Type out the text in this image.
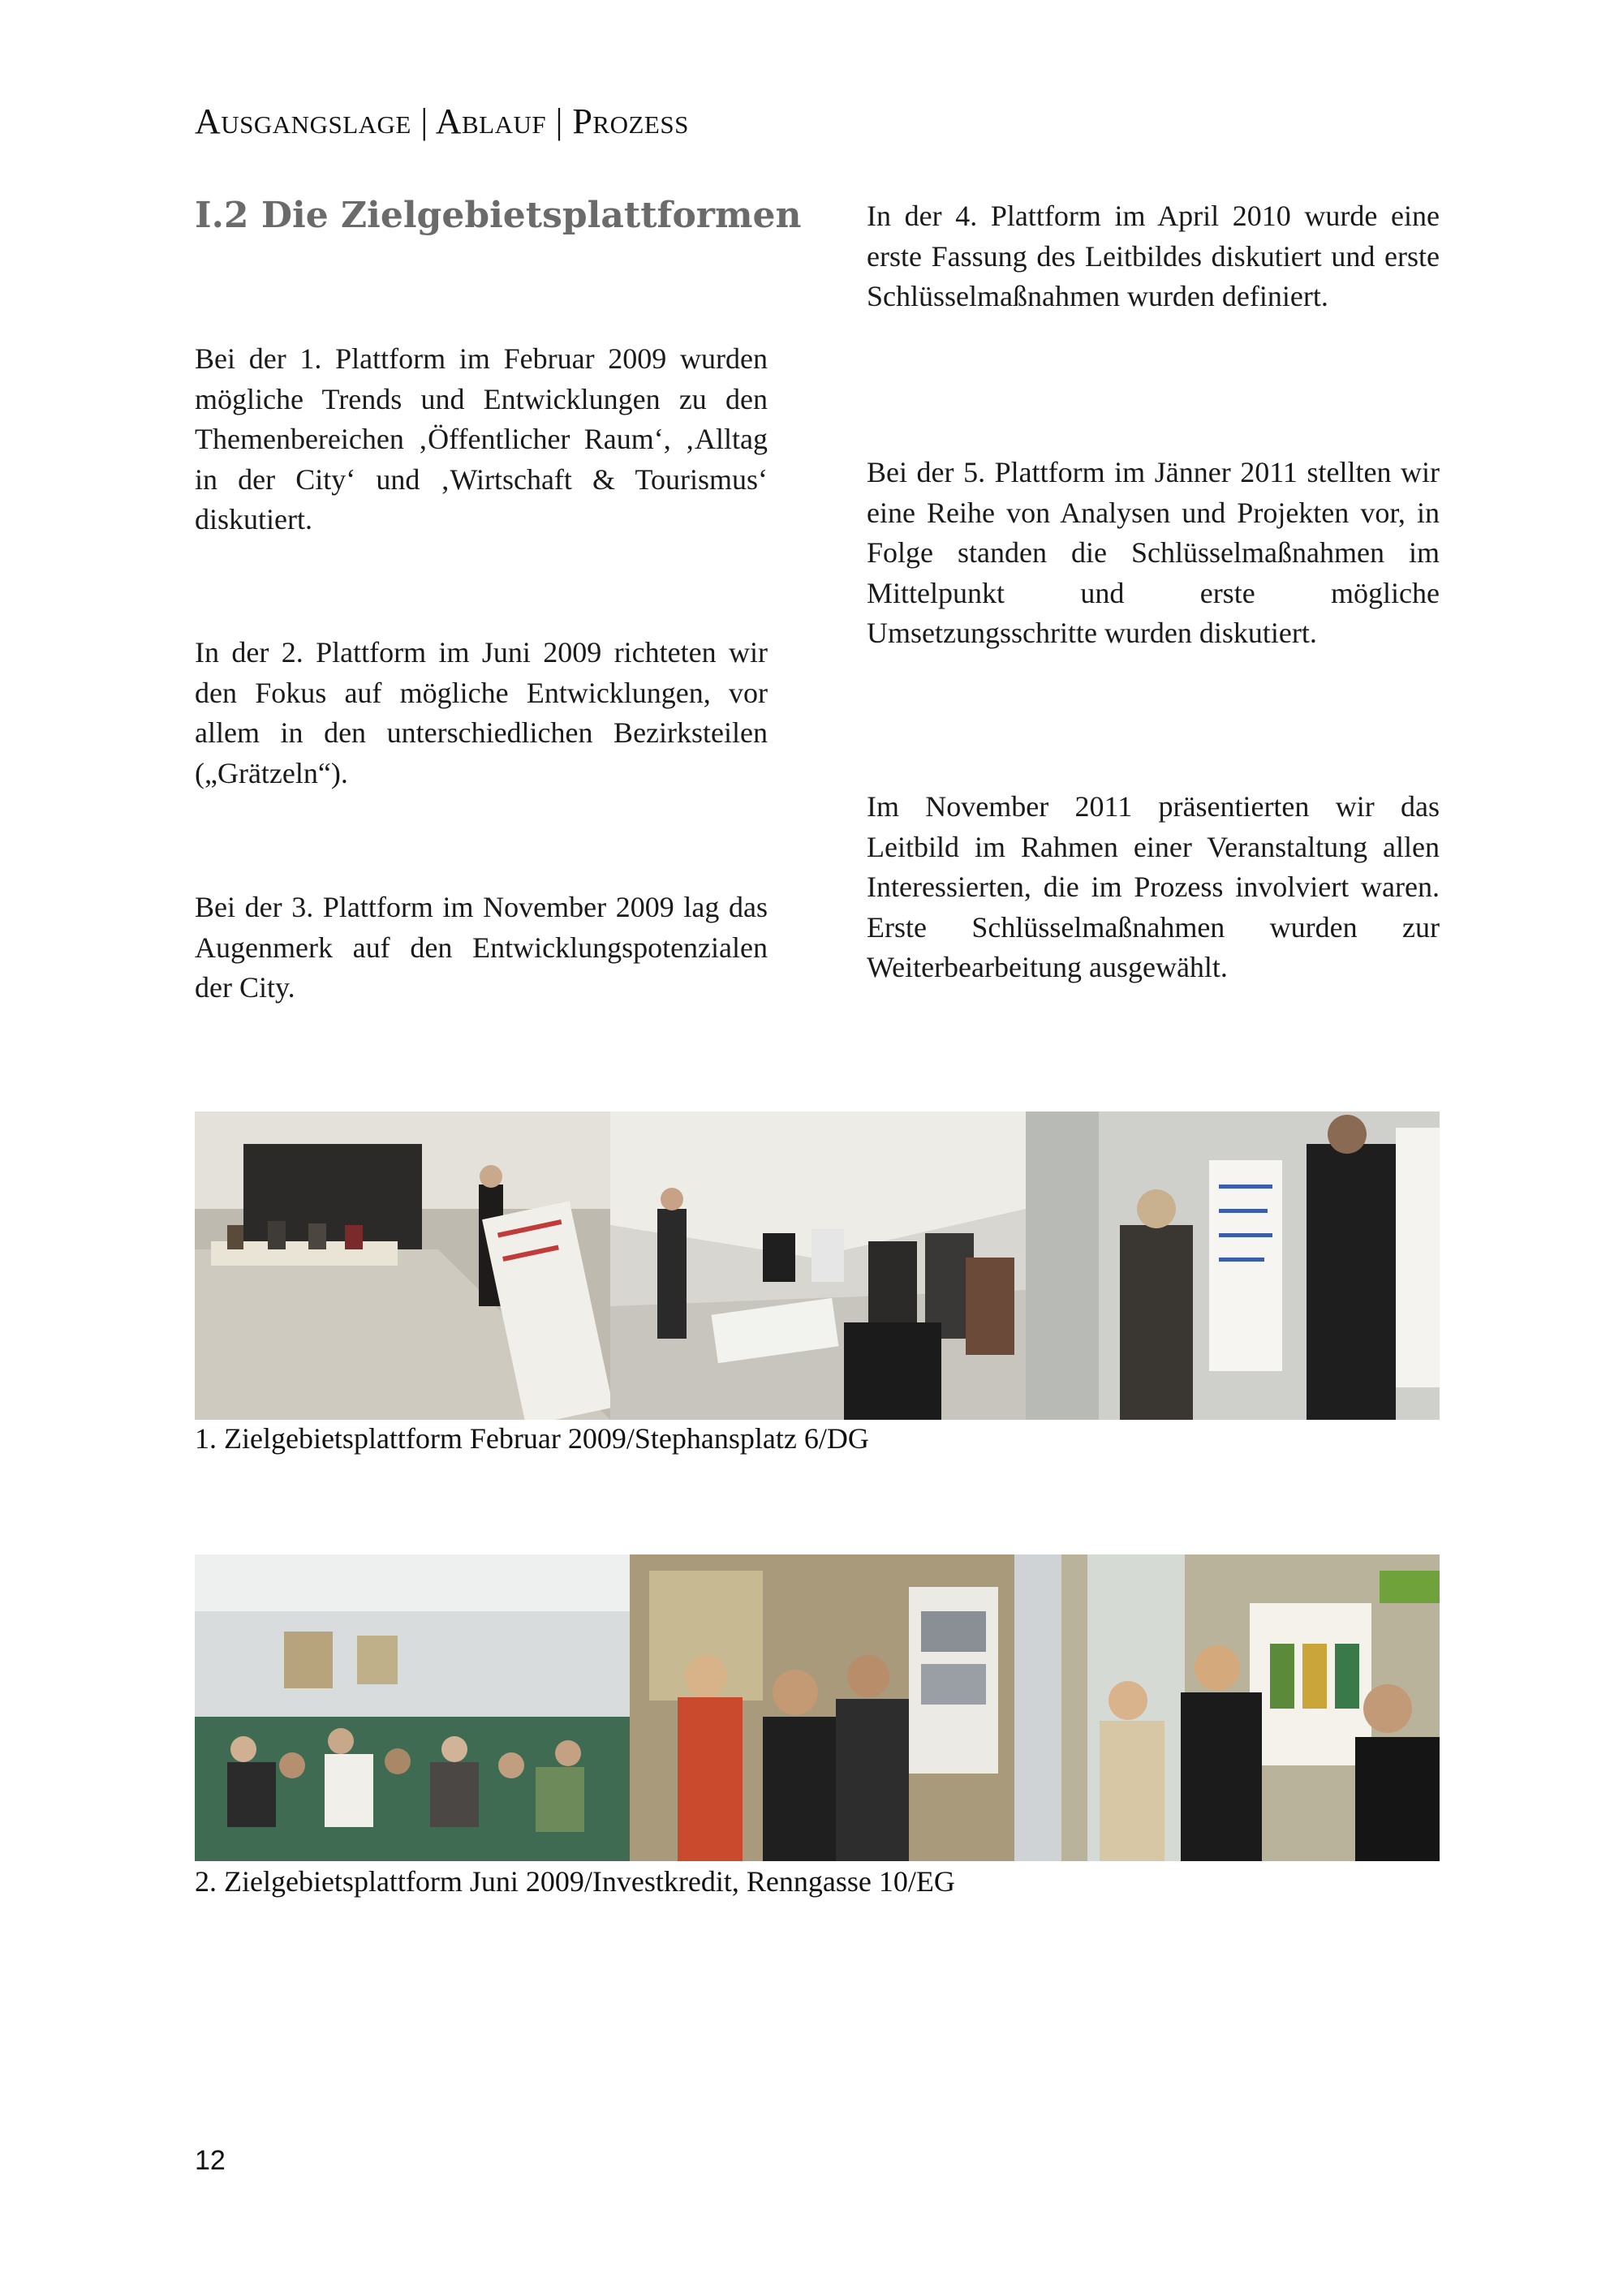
Ausgangslage | Ablauf | Prozess
I.2 Die Zielgebietsplattformen
Bei der 1. Plattform im Februar 2009 wurden mögliche Trends und Entwicklungen zu den Themenbereichen ‚Öffentlicher Raum‘, ‚Alltag in der City‘ und ‚Wirtschaft & Tourismus‘ diskutiert.
In der 2. Plattform im Juni 2009 richteten wir den Fokus auf mögliche Entwicklungen, vor allem in den unterschiedlichen Bezirksteilen („Grätzeln“).
Bei der 3. Plattform im November 2009 lag das Augenmerk auf den Entwicklungspotenzialen der City.
In der 4. Plattform im April 2010 wurde eine erste Fassung des Leitbildes diskutiert und erste Schlüsselmaßnahmen wurden definiert.
Bei der 5. Plattform im Jänner 2011 stellten wir eine Reihe von Analysen und Projekten vor, in Folge standen die Schlüsselmaßnahmen im Mittelpunkt und erste mögliche Umsetzungsschritte wurden diskutiert.
Im November 2011 präsentierten wir das Leitbild im Rahmen einer Veranstaltung allen Interessierten, die im Prozess involviert waren. Erste Schlüsselmaßnahmen wurden zur Weiterbearbeitung ausgewählt.
1. Zielgebietsplattform Februar 2009/Stephansplatz 6/DG
2. Zielgebietsplattform Juni 2009/Investkredit, Renngasse 10/EG
12
